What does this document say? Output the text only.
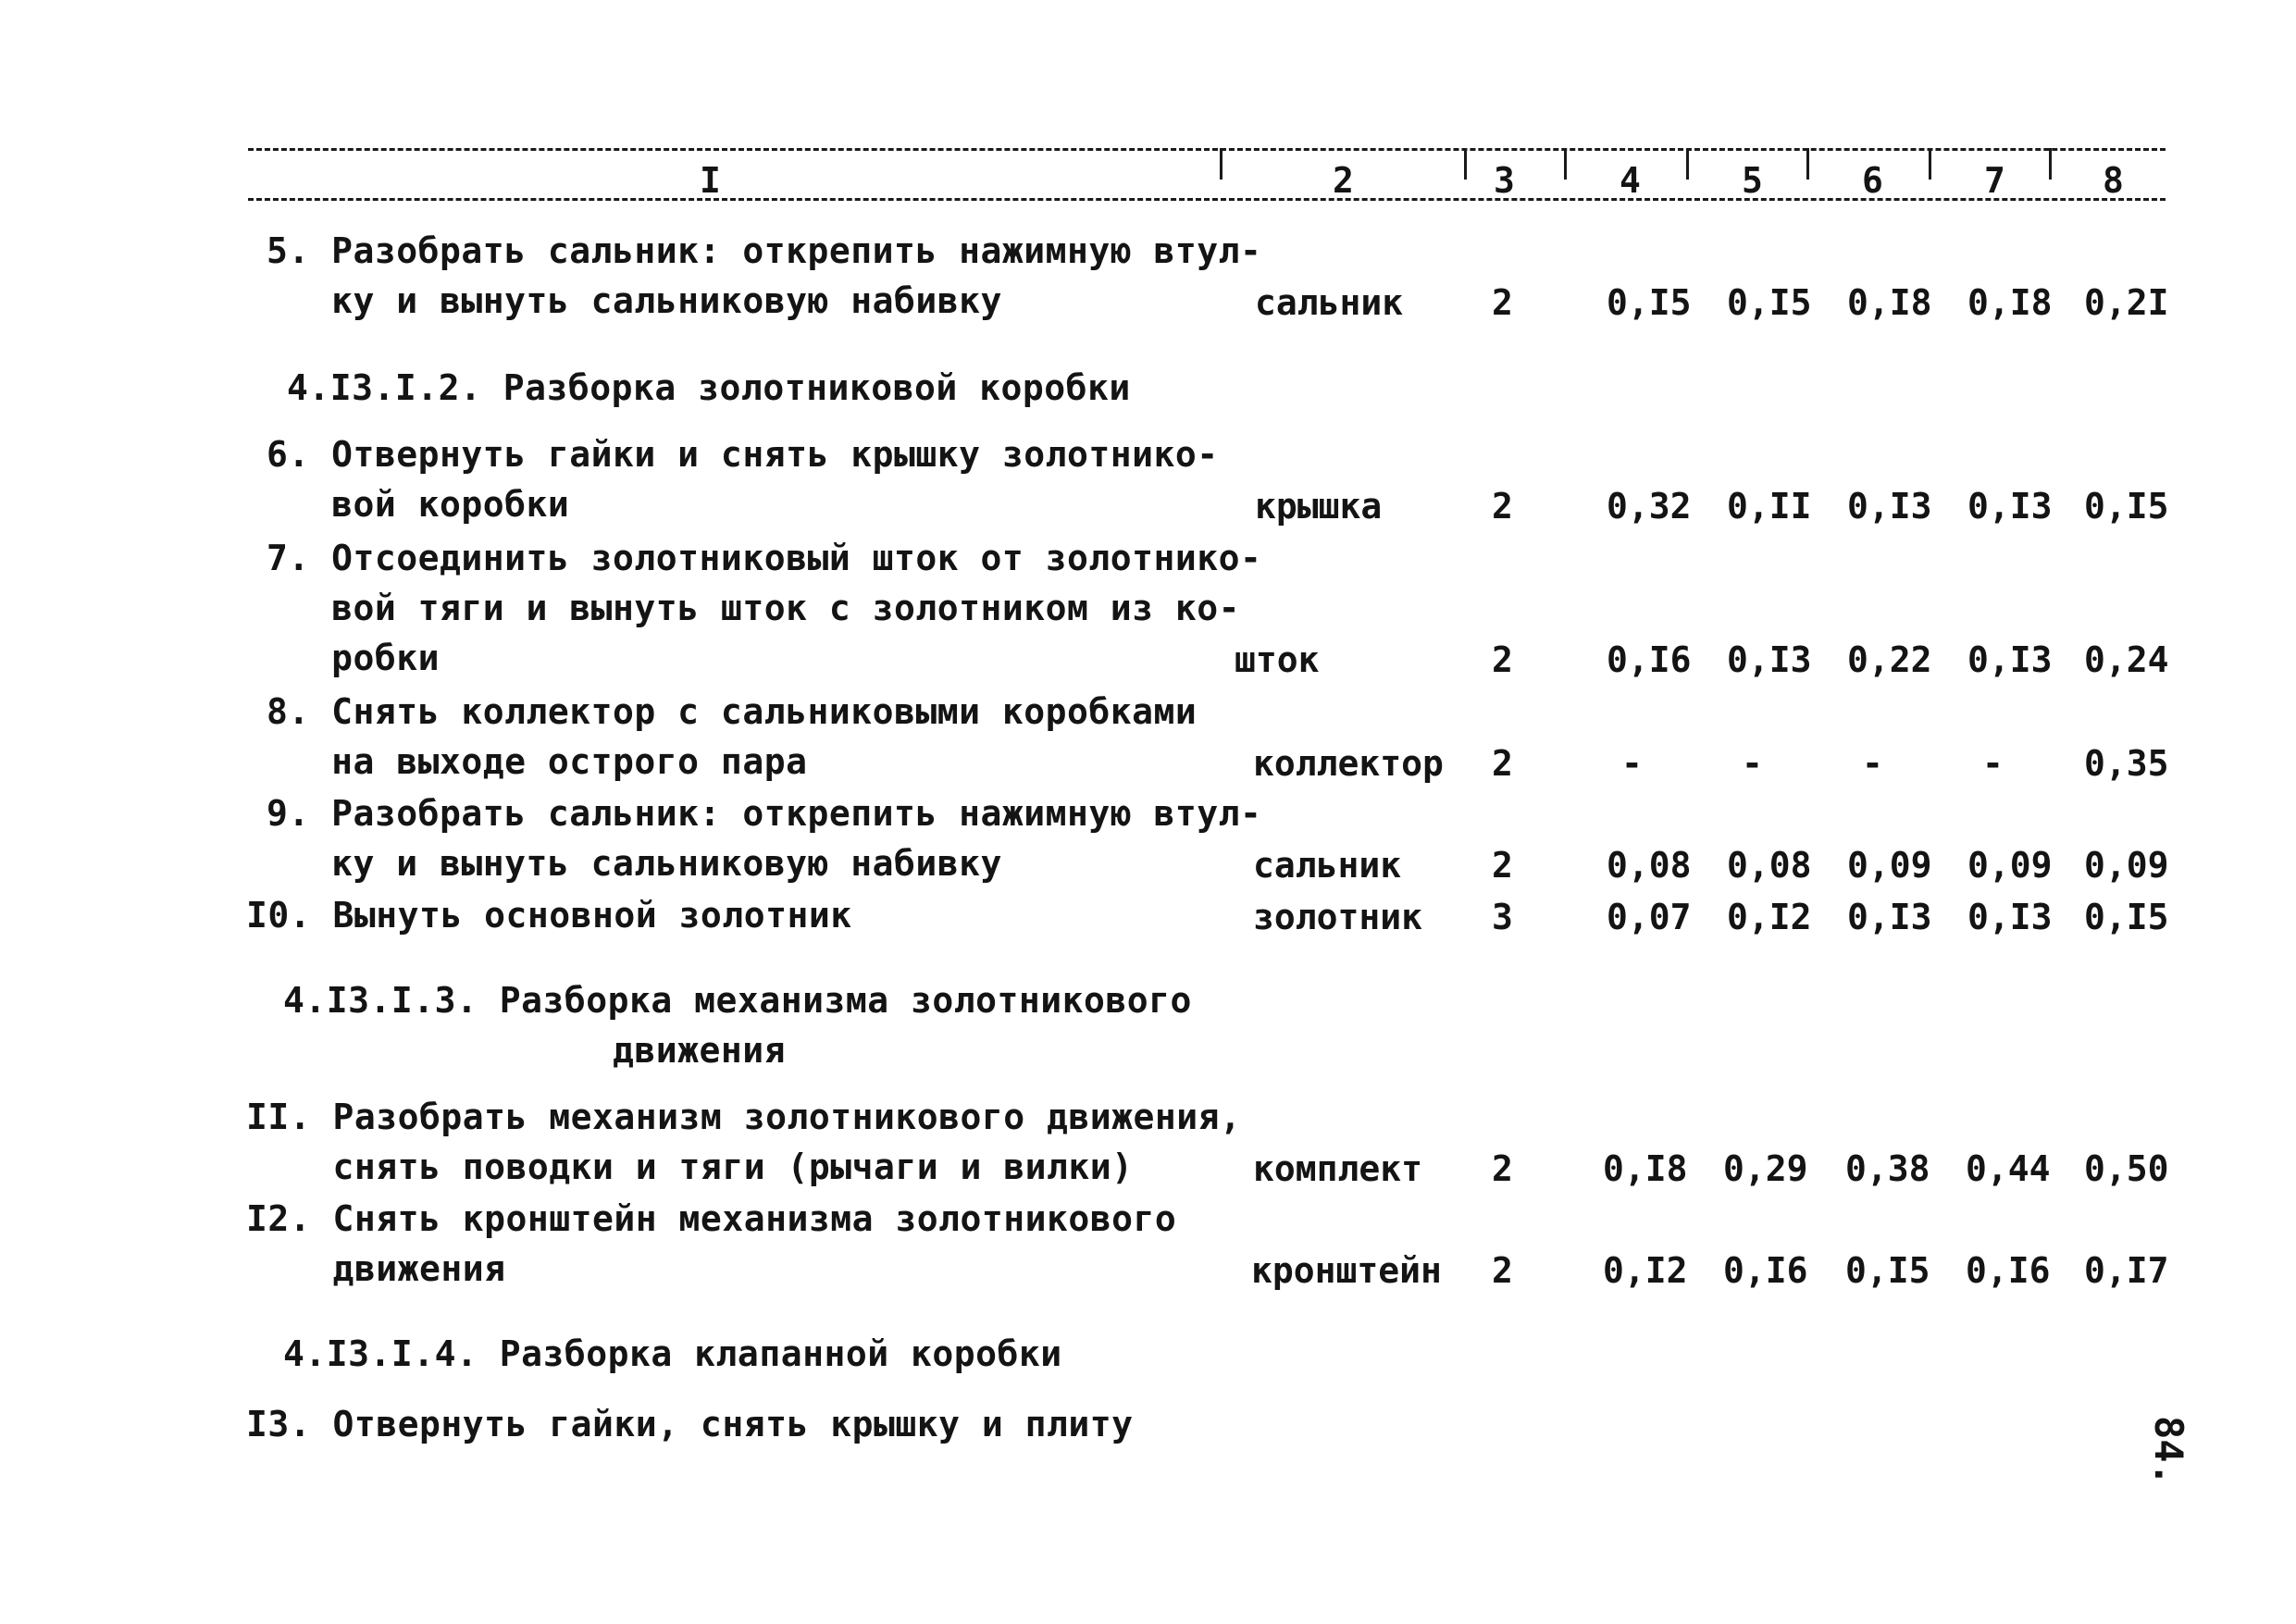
I	2	3	4	5	6	7	8
5. Разобрать сальник: открепить нажимную втул-
ку и вынуть сальниковую набивку	сальник	2	0,I5 0,I5 0,I8 0,I8 0,2I
4.I3.I.2. Разборка золотниковой коробки
6. Отвернуть гайки и снять крышку золотнико-
вой коробки	крышка	2	0,32 0,II 0,I3 0,I3 0,I5
7. Отсоединить золотниковый шток от золотнико-
вой тяги и вынуть шток с золотником из ко-
робки	шток	2	0,I6 0,I3 0,22 0,I3 0,24
8. Снять коллектор с сальниковыми коробками
на выходе острого пара	коллектор 2	-	-	-	- 0,35
9. Разобрать сальник: открепить нажимную втул-
ку и вынуть сальниковую набивку	сальник	2	0,08 0,08 0,09 0,09 0,09
I0. Вынуть основной золотник	золотник 3	0,07 0,I2 0,I3 0,I3 0,I5
4.I3.I.3. Разборка механизма золотникового
движения
II. Разобрать механизм золотникового движения,
снять поводки и тяги (рычаги и вилки)	комплект 2	0,I8 0,29 0,38 0,44 0,50
I2. Снять кронштейн механизма золотникового
движения	кронштейн 2	0,I2 0,I6 0,I5 0,I6 0,I7
4.I3.I.4. Разборка клапанной коробки
I3. Отвернуть гайки, снять крышку и плиту	84.
